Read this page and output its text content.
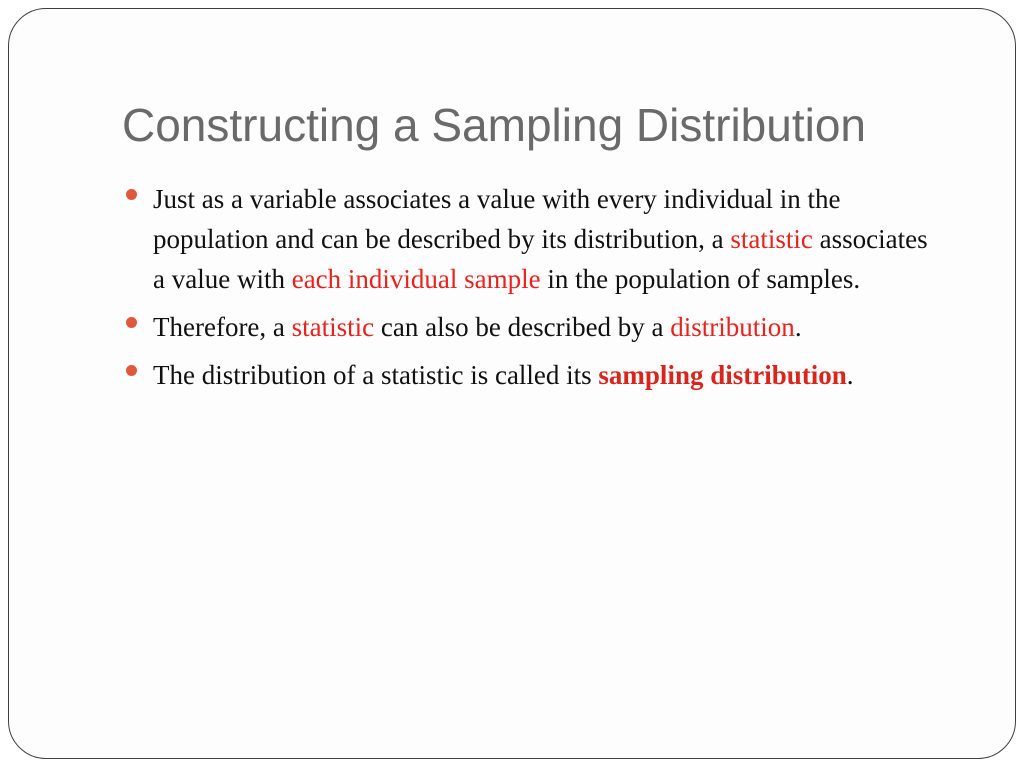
Constructing a Sampling Distribution
Just as a variable associates a value with every individual in the population and can be described by its distribution, a statistic associates a value with each individual sample in the population of samples.
Therefore, a statistic can also be described by a distribution.
The distribution of a statistic is called its sampling distribution.
